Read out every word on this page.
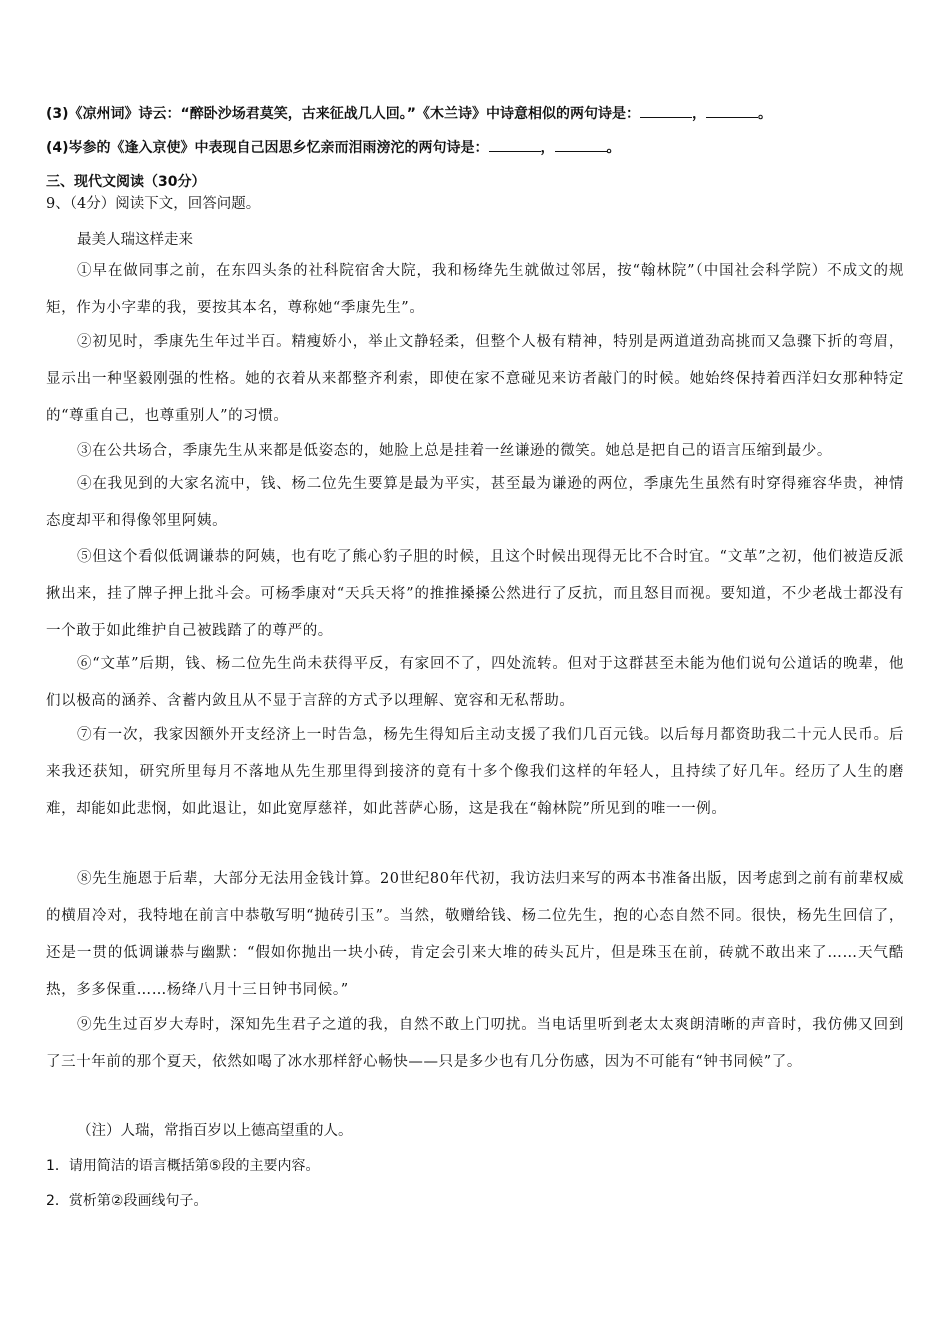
(3)《凉州词》诗云：“醉卧沙场君莫笑，古来征战几人回。”《木兰诗》中诗意相似的两句诗是：	，	。
(4)岑参的《逢入京使》中表现自己因思乡忆亲而泪雨滂沱的两句诗是：	，	。
三、现代文阅读（30分）
9、（4分）阅读下文，回答问题。
最美人瑞这样走来
①早在做同事之前，在东四头条的社科院宿舍大院，我和杨绛先生就做过邻居，按“翰林院”（中国社会科学院）不成文的规矩，作为小字辈的我，要按其本名，尊称她“季康先生”。
②初见时，季康先生年过半百。精瘦娇小，举止文静轻柔，但整个人极有精神，特别是两道道劲高挑而又急骤下折的弯眉，显示出一种坚毅刚强的性格。她的衣着从来都整齐利索，即使在家不意碰见来访者敲门的时候。她始终保持着西洋妇女那种特定的“尊重自己，也尊重别人”的习惯。
③在公共场合，季康先生从来都是低姿态的，她脸上总是挂着一丝谦逊的微笑。她总是把自己的语言压缩到最少。
④在我见到的大家名流中，钱、杨二位先生要算是最为平实，甚至最为谦逊的两位，季康先生虽然有时穿得雍容华贵，神情态度却平和得像邻里阿姨。
⑤但这个看似低调谦恭的阿姨，也有吃了熊心豹子胆的时候，且这个时候出现得无比不合时宜。“文革”之初，他们被造反派揪出来，挂了牌子押上批斗会。可杨季康对“天兵天将”的推推搡搡公然进行了反抗，而且怒目而视。要知道，不少老战士都没有一个敢于如此维护自己被践踏了的尊严的。
⑥“文革”后期，钱、杨二位先生尚未获得平反，有家回不了，四处流转。但对于这群甚至未能为他们说句公道话的晚辈，他们以极高的涵养、含蓄内敛且从不显于言辞的方式予以理解、宽容和无私帮助。
⑦有一次，我家因额外开支经济上一时告急，杨先生得知后主动支援了我们几百元钱。以后每月都资助我二十元人民币。后来我还获知，研究所里每月不落地从先生那里得到接济的竟有十多个像我们这样的年轻人，且持续了好几年。经历了人生的磨难，却能如此悲悯，如此退让，如此宽厚慈祥，如此菩萨心肠，这是我在“翰林院”所见到的唯一一例。
⑧先生施恩于后辈，大部分无法用金钱计算。20世纪80年代初，我访法归来写的两本书准备出版，因考虑到之前有前辈权威的横眉冷对，我特地在前言中恭敬写明“抛砖引玉”。当然，敬赠给钱、杨二位先生，抱的心态自然不同。很快，杨先生回信了，还是一贯的低调谦恭与幽默：“假如你抛出一块小砖，肯定会引来大堆的砖头瓦片，但是珠玉在前，砖就不敢出来了……天气酷热，多多保重……杨绛八月十三日钟书同候。”
⑨先生过百岁大寿时，深知先生君子之道的我，自然不敢上门叨扰。当电话里听到老太太爽朗清晰的声音时，我仿佛又回到了三十年前的那个夏天，依然如喝了冰水那样舒心畅快——只是多少也有几分伤感，因为不可能有“钟书同候”了。
（注）人瑞，常指百岁以上德高望重的人。
1．请用简洁的语言概括第⑤段的主要内容。
2．赏析第②段画线句子。
